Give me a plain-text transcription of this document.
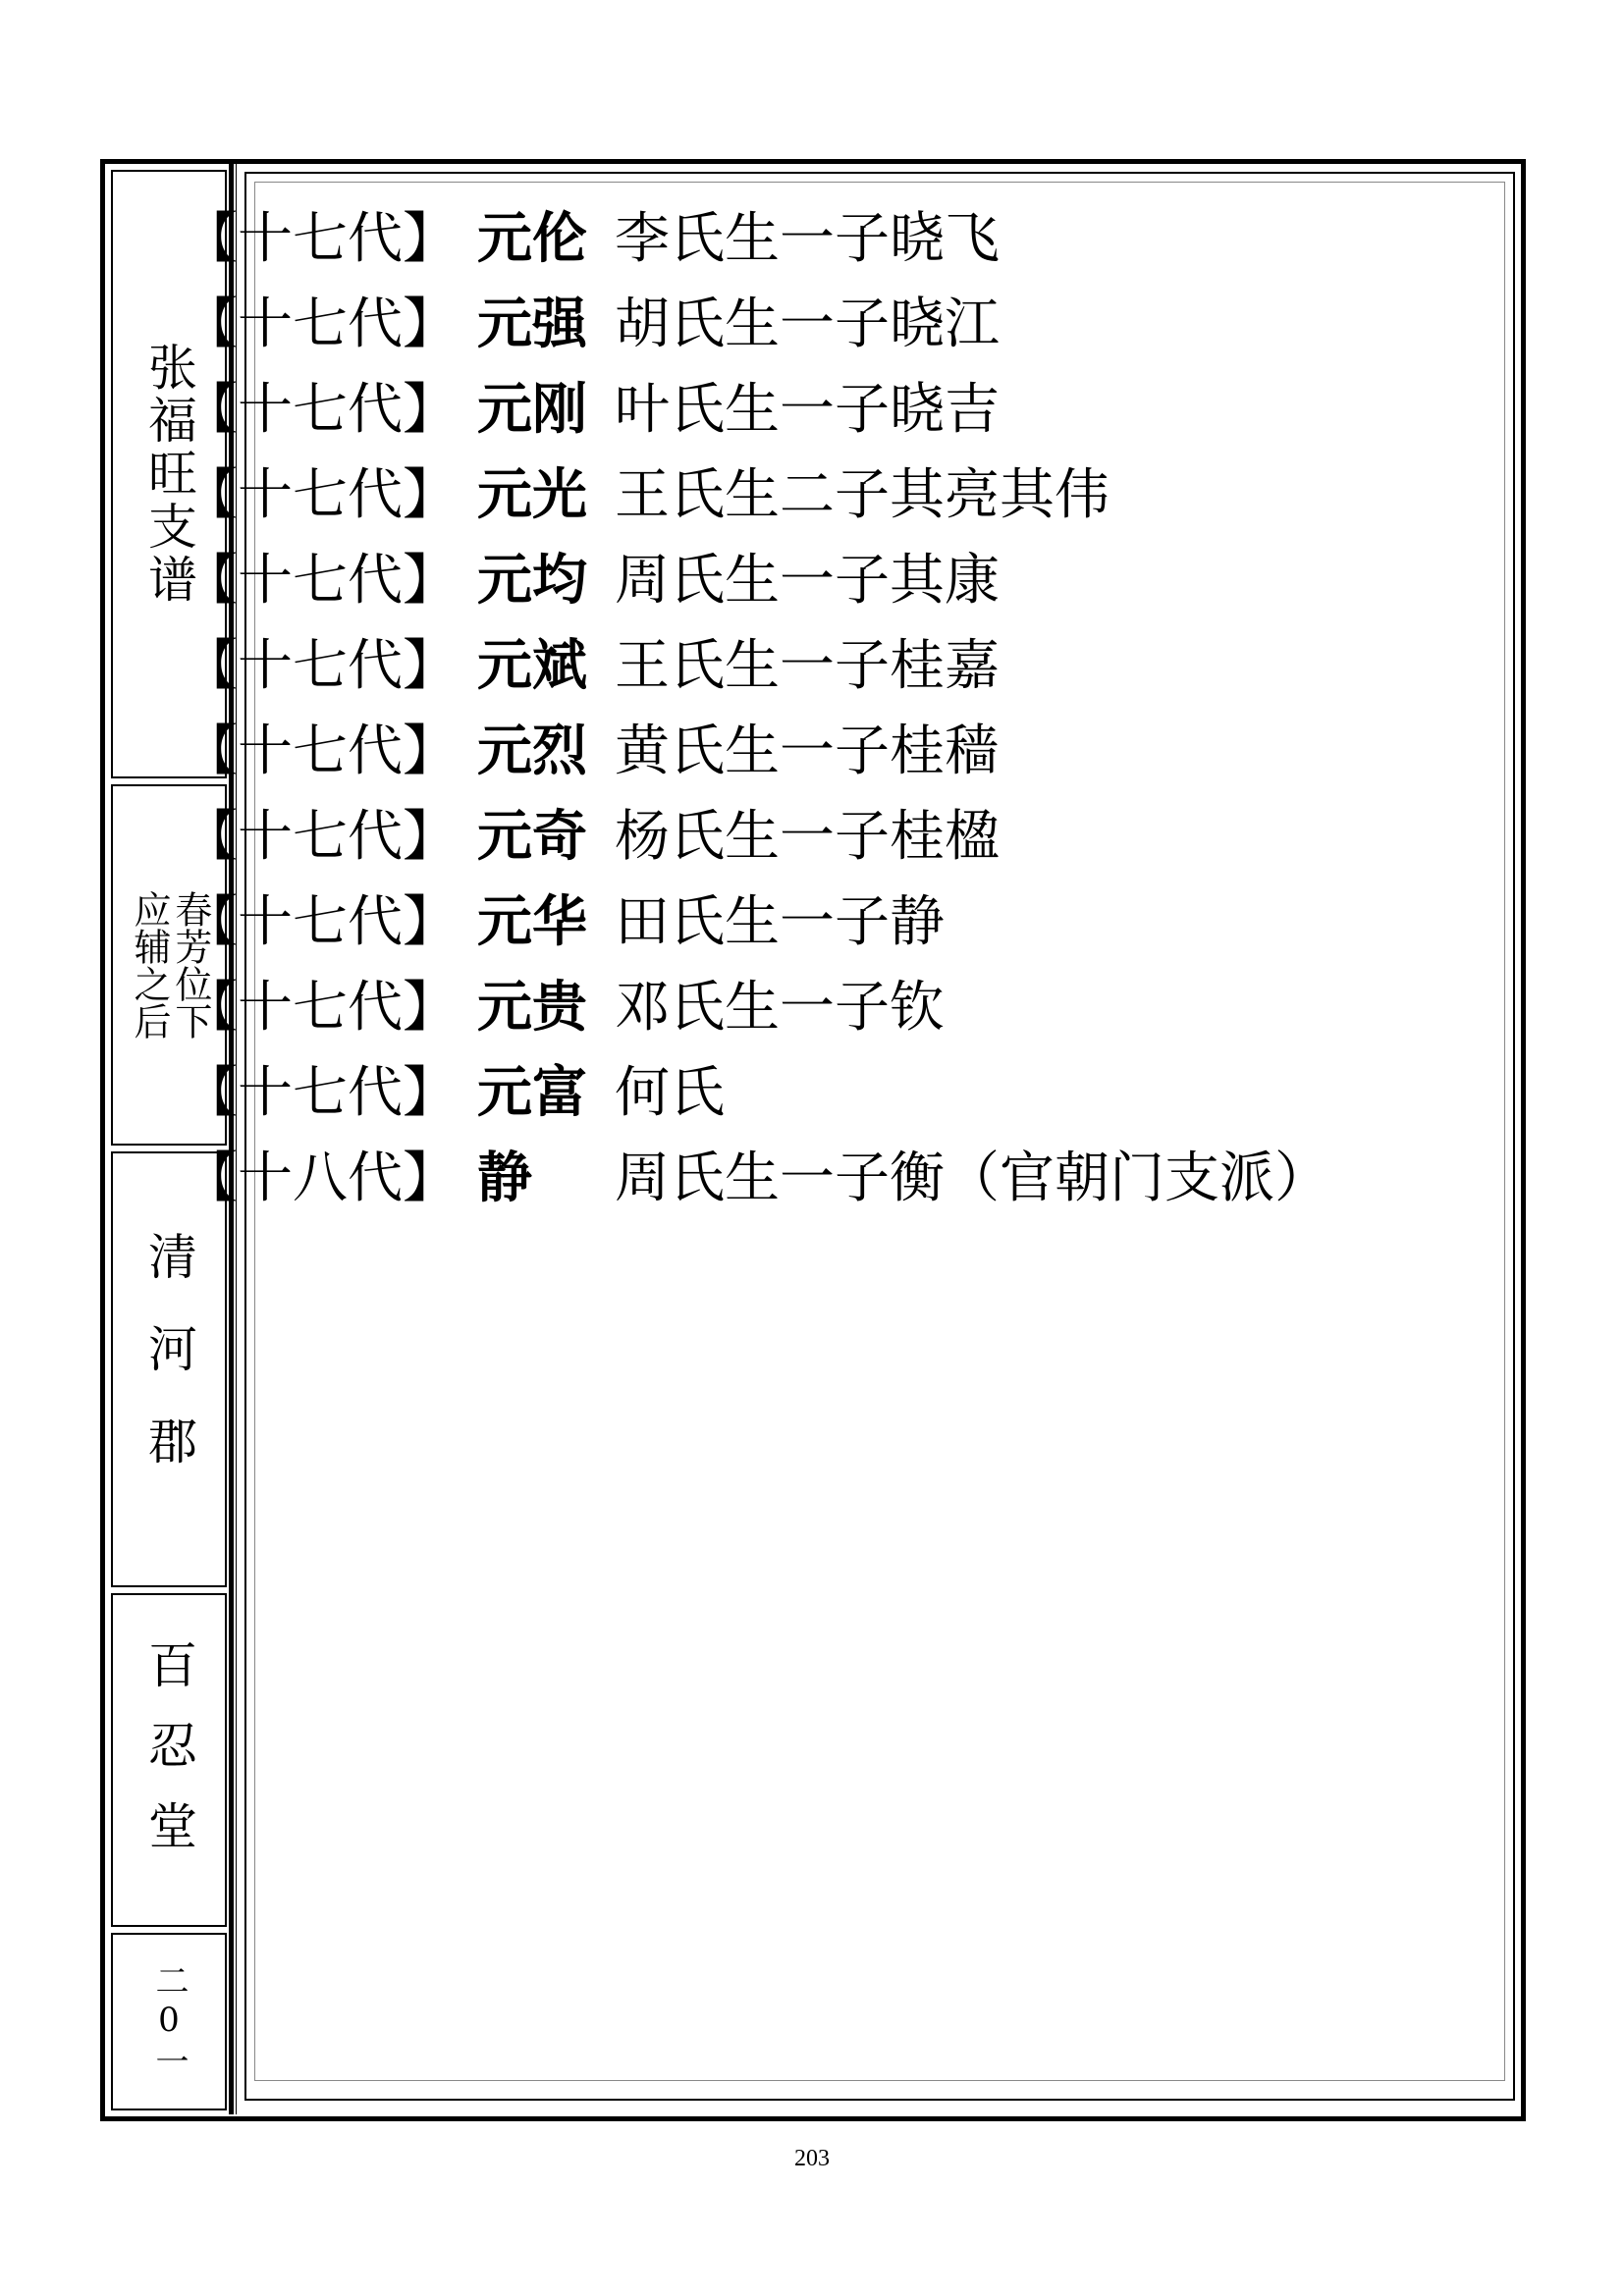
张福旺支谱
春芳位下
应辅之后
清河郡
百忍堂
二0一
【十七代】 元伦 李氏生一子晓飞
【十七代】 元强 胡氏生一子晓江
【十七代】 元刚 叶氏生一子晓吉
【十七代】 元光 王氏生二子其亮其伟
【十七代】 元均 周氏生一子其康
【十七代】 元斌 王氏生一子桂嘉
【十七代】 元烈 黄氏生一子桂穑
【十七代】 元奇 杨氏生一子桂楹
【十七代】 元华 田氏生一子静
【十七代】 元贵 邓氏生一子钦
【十七代】 元富 何氏
【十八代】 静 周氏生一子衡（官朝门支派）
203
